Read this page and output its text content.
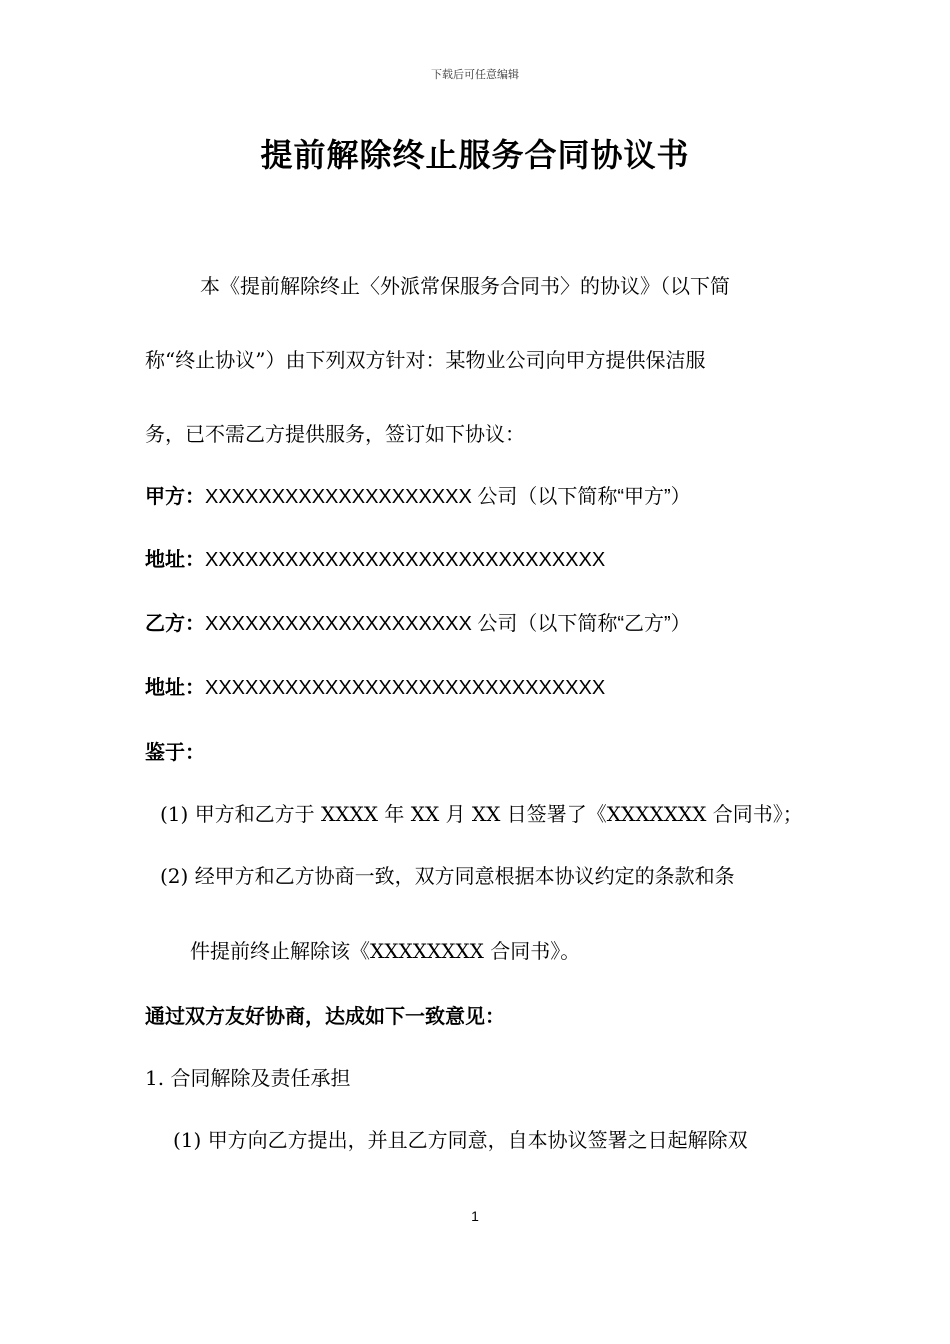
下载后可任意编辑
提前解除终止服务合同协议书
本《提前解除终止〈外派常保服务合同书〉的协议》（以下简
称“终止协议”）由下列双方针对：某物业公司向甲方提供保洁服
务，已不需乙方提供服务，签订如下协议：
甲方：XXXXXXXXXXXXXXXXXXXX 公司（以下简称“甲方”）
地址：XXXXXXXXXXXXXXXXXXXXXXXXXXXXXX
乙方：XXXXXXXXXXXXXXXXXXXX 公司（以下简称“乙方”）
地址：XXXXXXXXXXXXXXXXXXXXXXXXXXXXXX
鉴于：
(1) 甲方和乙方于 XXXX 年 XX 月 XX 日签署了《XXXXXXX 合同书》；
(2) 经甲方和乙方协商一致，双方同意根据本协议约定的条款和条
件提前终止解除该《XXXXXXXX 合同书》。
通过双方友好协商，达成如下一致意见：
1. 合同解除及责任承担
(1) 甲方向乙方提出，并且乙方同意，自本协议签署之日起解除双
1
